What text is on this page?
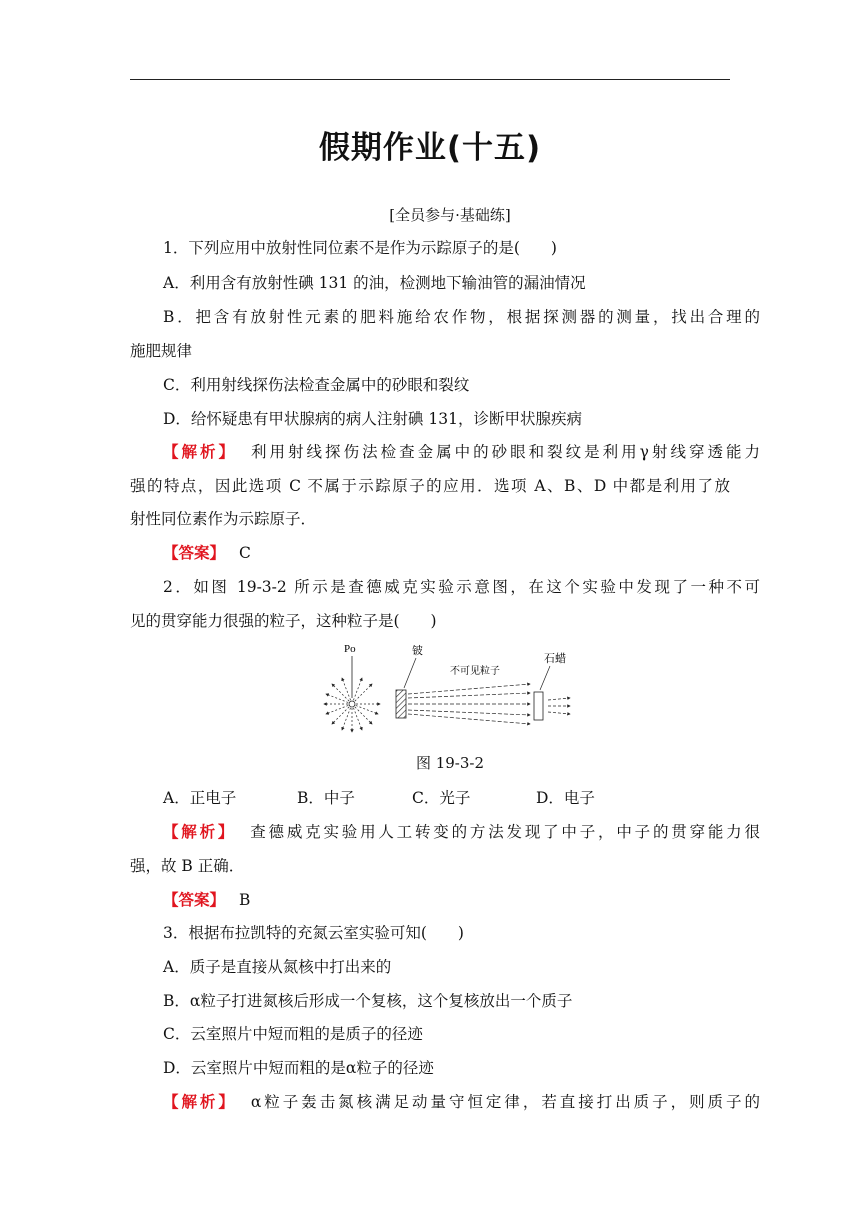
假期作业(十五)
[全员参与·基础练]
1．下列应用中放射性同位素不是作为示踪原子的是(　　)
A．利用含有放射性碘 131 的油，检测地下输油管的漏油情况
B．把含有放射性元素的肥料施给农作物，根据探测器的测量，找出合理的
施肥规律
C．利用射线探伤法检查金属中的砂眼和裂纹
D．给怀疑患有甲状腺病的病人注射碘 131，诊断甲状腺疾病
【解析】 利用射线探伤法检查金属中的砂眼和裂纹是利用γ射线穿透能力
强的特点，因此选项 C 不属于示踪原子的应用．选项 A、B、D 中都是利用了放
射性同位素作为示踪原子．
【答案】 C
2．如图 19-3-2 所示是查德威克实验示意图，在这个实验中发现了一种不可
见的贯穿能力很强的粒子，这种粒子是(　　)
Po	铍
不可见粒子
石蜡
图 19-3-2
A．正电子	B．中子	C．光子	D．电子
【解析】 查德威克实验用人工转变的方法发现了中子，中子的贯穿能力很
强，故 B 正确．
【答案】 B
3．根据布拉凯特的充氮云室实验可知(　　)
A．质子是直接从氮核中打出来的
B．α粒子打进氮核后形成一个复核，这个复核放出一个质子
C．云室照片中短而粗的是质子的径迹
D．云室照片中短而粗的是α粒子的径迹
【解析】 α粒子轰击氮核满足动量守恒定律，若直接打出质子，则质子的
